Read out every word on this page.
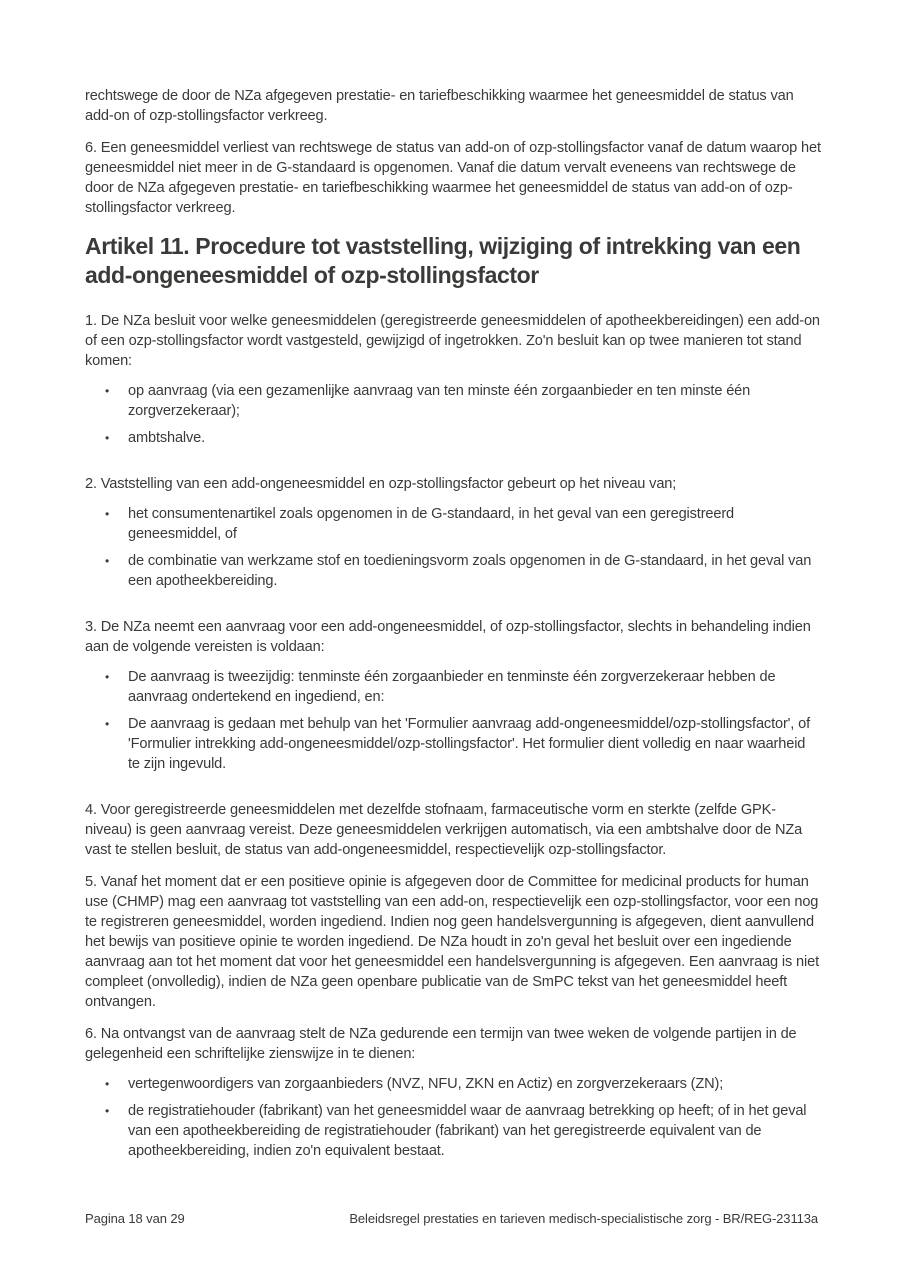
rechtswege de door de NZa afgegeven prestatie- en tariefbeschikking waarmee het geneesmiddel de status van add-on of ozp-stollingsfactor verkreeg.

6. Een geneesmiddel verliest van rechtswege de status van add-on of ozp-stollingsfactor vanaf de datum waarop het geneesmiddel niet meer in de G-standaard is opgenomen. Vanaf die datum vervalt eveneens van rechtswege de door de NZa afgegeven prestatie- en tariefbeschikking waarmee het geneesmiddel de status van add-on of ozp-stollingsfactor verkreeg.

Artikel 11. Procedure tot vaststelling, wijziging of intrekking van een add-ongeneesmiddel of ozp-stollingsfactor

1. De NZa besluit voor welke geneesmiddelen (geregistreerde geneesmiddelen of apotheekbereidingen) een add-on of een ozp-stollingsfactor wordt vastgesteld, gewijzigd of ingetrokken. Zo'n besluit kan op twee manieren tot stand komen:

• op aanvraag (via een gezamenlijke aanvraag van ten minste één zorgaanbieder en ten minste één zorgverzekeraar);
• ambtshalve.

2. Vaststelling van een add-ongeneesmiddel en ozp-stollingsfactor gebeurt op het niveau van;

• het consumentenartikel zoals opgenomen in de G-standaard, in het geval van een geregistreerd geneesmiddel, of
• de combinatie van werkzame stof en toedieningsvorm zoals opgenomen in de G-standaard, in het geval van een apotheekbereiding.

3. De NZa neemt een aanvraag voor een add-ongeneesmiddel, of ozp-stollingsfactor, slechts in behandeling indien aan de volgende vereisten is voldaan:

• De aanvraag is tweezijdig: tenminste één zorgaanbieder en tenminste één zorgverzekeraar hebben de aanvraag ondertekend en ingediend, en:
• De aanvraag is gedaan met behulp van het 'Formulier aanvraag add-ongeneesmiddel/ozp-stollingsfactor', of 'Formulier intrekking add-ongeneesmiddel/ozp-stollingsfactor'. Het formulier dient volledig en naar waarheid te zijn ingevuld.

4. Voor geregistreerde geneesmiddelen met dezelfde stofnaam, farmaceutische vorm en sterkte (zelfde GPK-niveau) is geen aanvraag vereist. Deze geneesmiddelen verkrijgen automatisch, via een ambtshalve door de NZa vast te stellen besluit, de status van add-ongeneesmiddel, respectievelijk ozp-stollingsfactor.

5. Vanaf het moment dat er een positieve opinie is afgegeven door de Committee for medicinal products for human use (CHMP) mag een aanvraag tot vaststelling van een add-on, respectievelijk een ozp-stollingsfactor, voor een nog te registreren geneesmiddel, worden ingediend. Indien nog geen handelsvergunning is afgegeven, dient aanvullend het bewijs van positieve opinie te worden ingediend. De NZa houdt in zo'n geval het besluit over een ingediende aanvraag aan tot het moment dat voor het geneesmiddel een handelsvergunning is afgegeven. Een aanvraag is niet compleet (onvolledig), indien de NZa geen openbare publicatie van de SmPC tekst van het geneesmiddel heeft ontvangen.

6. Na ontvangst van de aanvraag stelt de NZa gedurende een termijn van twee weken de volgende partijen in de gelegenheid een schriftelijke zienswijze in te dienen:

• vertegenwoordigers van zorgaanbieders (NVZ, NFU, ZKN en Actiz) en zorgverzekeraars (ZN);
• de registratiehouder (fabrikant) van het geneesmiddel waar de aanvraag betrekking op heeft; of in het geval van een apotheekbereiding de registratiehouder (fabrikant) van het geregistreerde equivalent van de apotheekbereiding, indien zo'n equivalent bestaat.
Pagina 18 van 29	Beleidsregel prestaties en tarieven medisch-specialistische zorg - BR/REG-23113a
